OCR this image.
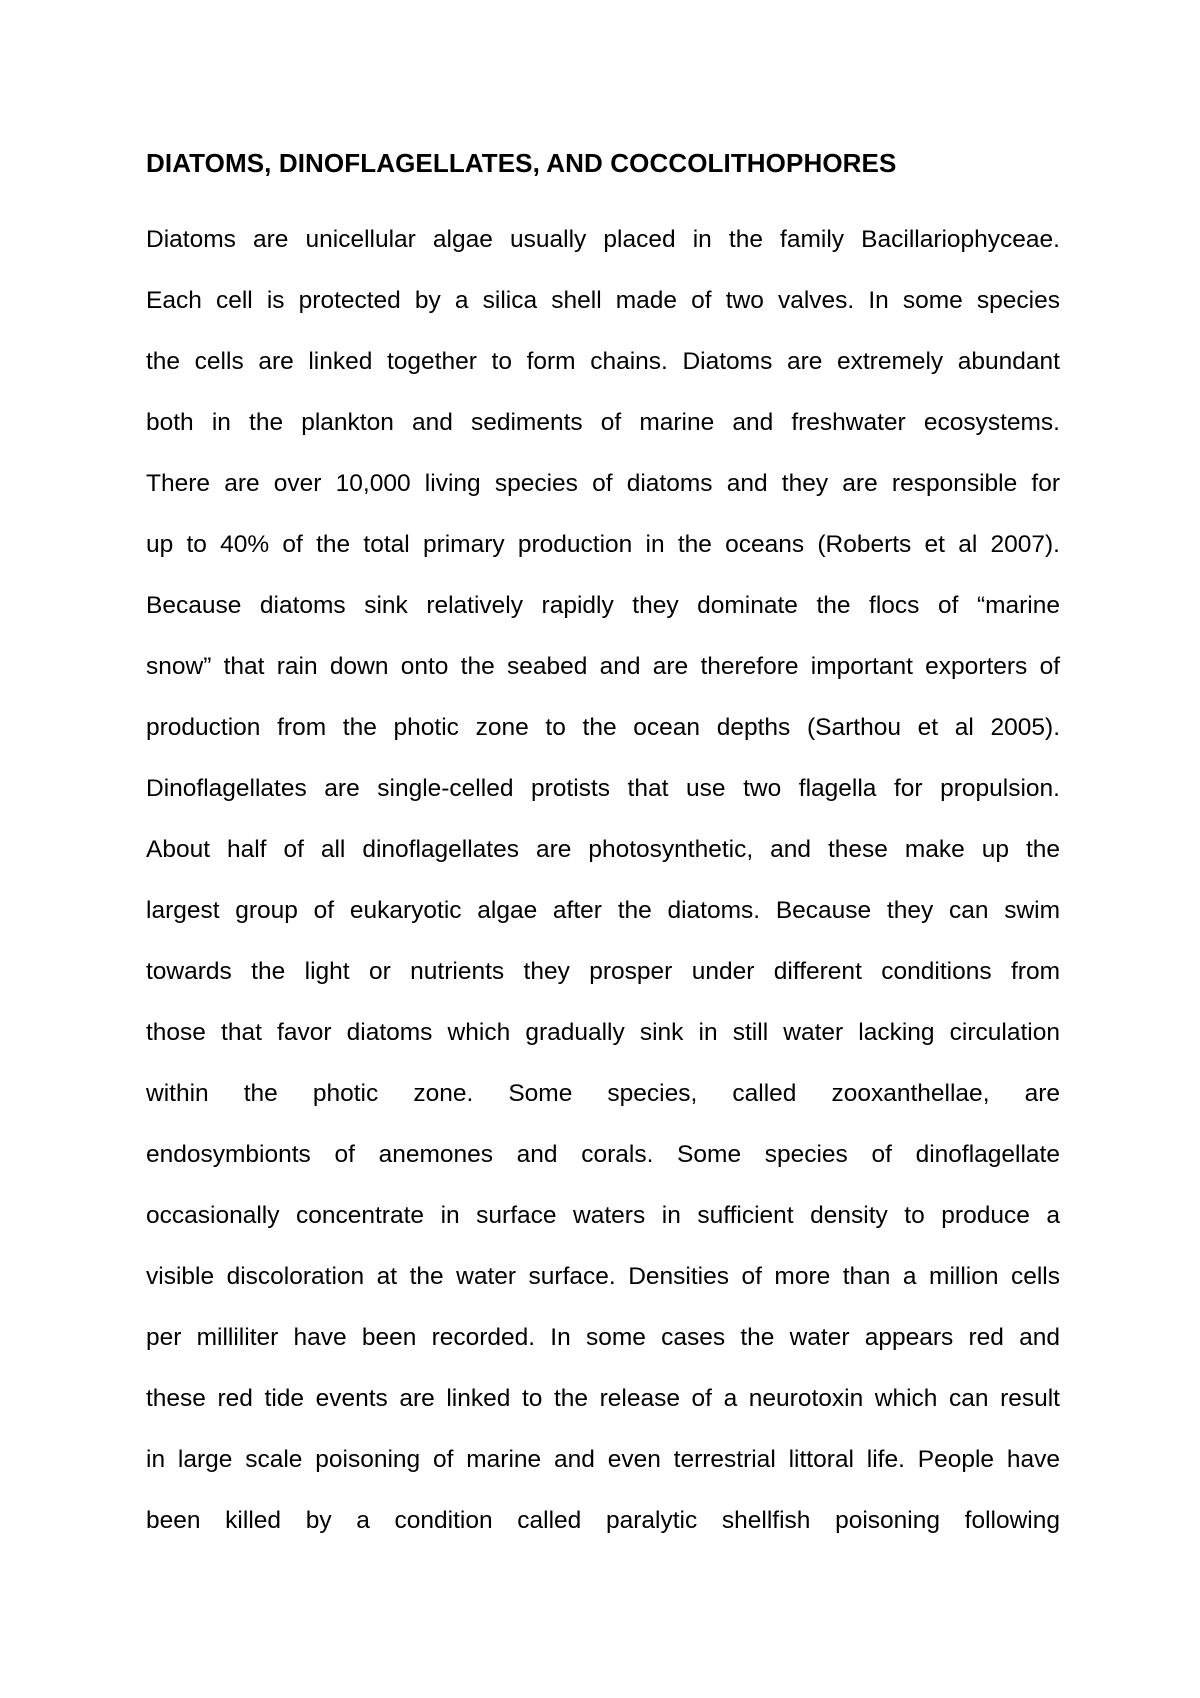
DIATOMS, DINOFLAGELLATES, AND COCCOLITHOPHORES
Diatoms are unicellular algae usually placed in the family Bacillariophyceae.
Each cell is protected by a silica shell made of two valves. In some species
the cells are linked together to form chains. Diatoms are extremely abundant
both in the plankton and sediments of marine and freshwater ecosystems.
There are over 10,000 living species of diatoms and they are responsible for
up to 40% of the total primary production in the oceans (Roberts et al 2007).
Because diatoms sink relatively rapidly they dominate the flocs of “marine
snow” that rain down onto the seabed and are therefore important exporters of
production from the photic zone to the ocean depths (Sarthou et al 2005).
Dinoflagellates are single-celled protists that use two flagella for propulsion.
About half of all dinoflagellates are photosynthetic, and these make up the
largest group of eukaryotic algae after the diatoms. Because they can swim
towards the light or nutrients they prosper under different conditions from
those that favor diatoms which gradually sink in still water lacking circulation
within the photic zone. Some species, called zooxanthellae, are
endosymbionts of anemones and corals. Some species of dinoflagellate
occasionally concentrate in surface waters in sufficient density to produce a
visible discoloration at the water surface. Densities of more than a million cells
per milliliter have been recorded. In some cases the water appears red and
these red tide events are linked to the release of a neurotoxin which can result
in large scale poisoning of marine and even terrestrial littoral life. People have
been killed by a condition called paralytic shellfish poisoning following
